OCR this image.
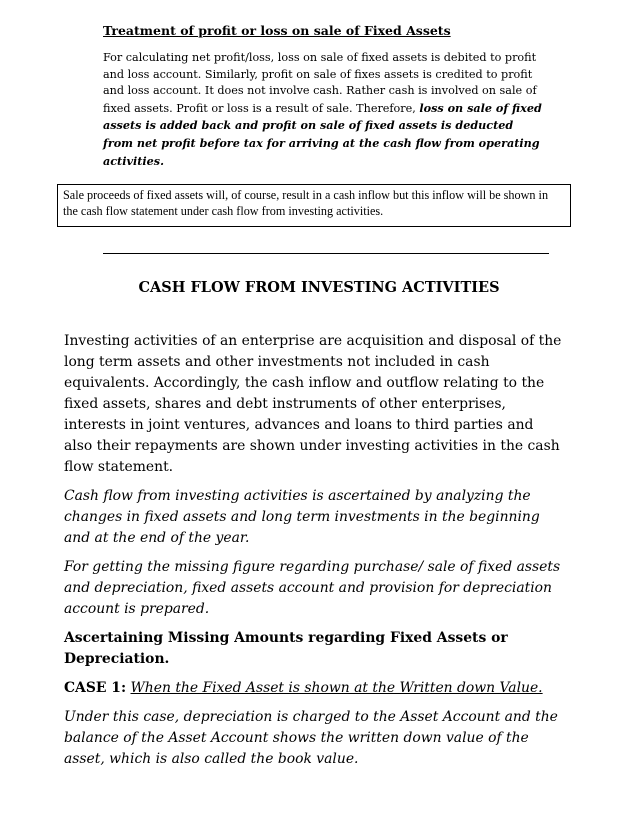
Treatment of profit or loss on sale of Fixed Assets

For calculating net profit/loss, loss on sale of fixed assets is debited to profit and loss account. Similarly, profit on sale of fixes assets is credited to profit and loss account. It does not involve cash. Rather cash is involved on sale of fixed assets. Profit or loss is a result of sale. Therefore, loss on sale of fixed assets is added back and profit on sale of fixed assets is deducted from net profit before tax for arriving at the cash flow from operating activities.

Sale proceeds of fixed assets will, of course, result in a cash inflow but this inflow will be shown in the cash flow statement under cash flow from investing activities.

CASH FLOW FROM INVESTING ACTIVITIES

Investing activities of an enterprise are acquisition and disposal of the long term assets and other investments not included in cash equivalents. Accordingly, the cash inflow and outflow relating to the fixed assets, shares and debt instruments of other enterprises, interests in joint ventures, advances and loans to third parties and also their repayments are shown under investing activities in the cash flow statement.

Cash flow from investing activities is ascertained by analyzing the changes in fixed assets and long term investments in the beginning and at the end of the year.

For getting the missing figure regarding purchase/ sale of fixed assets and depreciation, fixed assets account and provision for depreciation account is prepared.

Ascertaining Missing Amounts regarding Fixed Assets or Depreciation.

CASE 1: When the Fixed Asset is shown at the Written down Value.

Under this case, depreciation is charged to the Asset Account and the balance of the Asset Account shows the written down value of the asset, which is also called the book value.
